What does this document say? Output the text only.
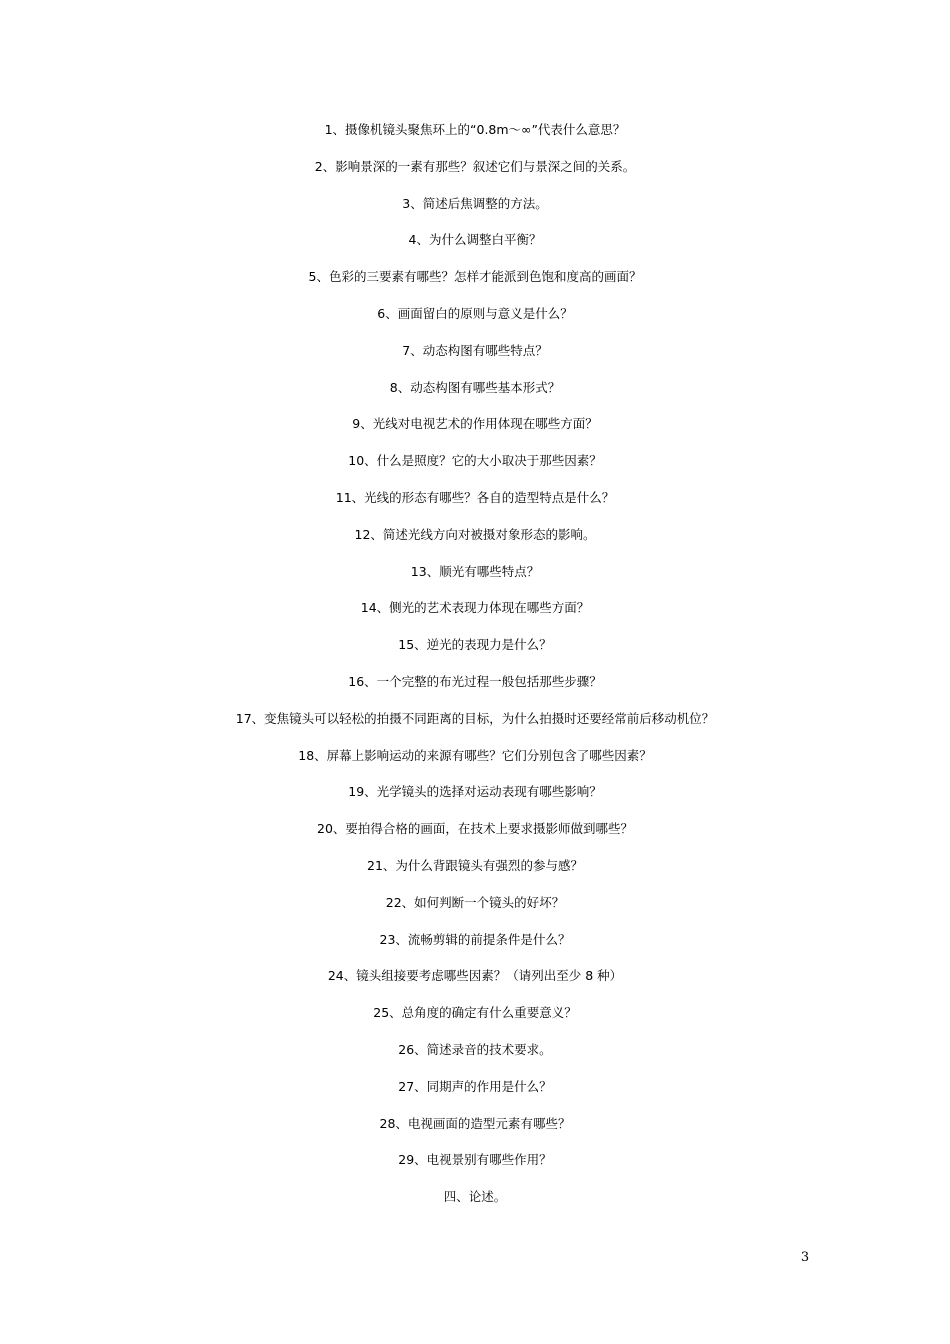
1、摄像机镜头聚焦环上的“0.8m～∞”代表什么意思？
2、影响景深的一素有那些？叙述它们与景深之间的关系。
3、简述后焦调整的方法。
4、为什么调整白平衡？
5、色彩的三要素有哪些？怎样才能派到色饱和度高的画面？
6、画面留白的原则与意义是什么？
7、动态构图有哪些特点？
8、动态构图有哪些基本形式？
9、光线对电视艺术的作用体现在哪些方面？
10、什么是照度？它的大小取决于那些因素？
11、光线的形态有哪些？各自的造型特点是什么？
12、简述光线方向对被摄对象形态的影响。
13、顺光有哪些特点？
14、侧光的艺术表现力体现在哪些方面？
15、逆光的表现力是什么？
16、一个完整的布光过程一般包括那些步骤？
17、变焦镜头可以轻松的拍摄不同距离的目标，为什么拍摄时还要经常前后移动机位？
18、屏幕上影响运动的来源有哪些？它们分别包含了哪些因素？
19、光学镜头的选择对运动表现有哪些影响？
20、要拍得合格的画面，在技术上要求摄影师做到哪些？
21、为什么背跟镜头有强烈的参与感？
22、如何判断一个镜头的好坏？
23、流畅剪辑的前提条件是什么？
24、镜头组接要考虑哪些因素？（请列出至少 8 种）
25、总角度的确定有什么重要意义？
26、简述录音的技术要求。
27、同期声的作用是什么？
28、电视画面的造型元素有哪些？
29、电视景别有哪些作用？
四、论述。
3
